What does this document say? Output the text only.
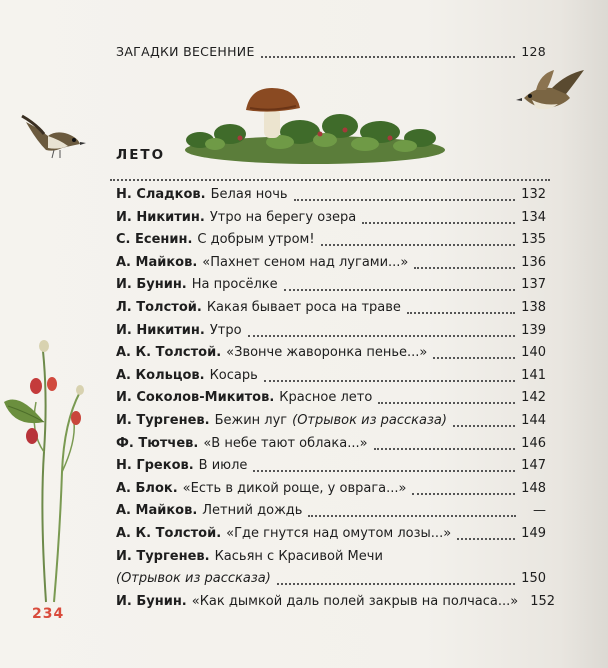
ЗАГАДКИ ВЕСЕННИЕ	128
ЛЕТО
Н. Сладков. Белая ночь	132
И. Никитин. Утро на берегу озера	134
С. Есенин. С добрым утром!	135
А. Майков. «Пахнет сеном над лугами...»	136
И. Бунин. На просёлке	137
Л. Толстой. Какая бывает роса на траве	138
И. Никитин. Утро	139
А. К. Толстой. «Звонче жаворонка пенье...»	140
А. Кольцов. Косарь	141
И. Соколов-Микитов. Красное лето	142
И. Тургенев. Бежин луг (Отрывок из рассказа)	144
Ф. Тютчев. «В небе тают облака...»	146
Н. Греков. В июле	147
А. Блок. «Есть в дикой роще, у оврага...»	148
А. Майков. Летний дождь	—
А. К. Толстой. «Где гнутся над омутом лозы...»	149
И. Тургенев. Касьян с Красивой Мечи
(Отрывок из рассказа)	150
И. Бунин. «Как дымкой даль полей закрыв на полчаса...» 152
234
